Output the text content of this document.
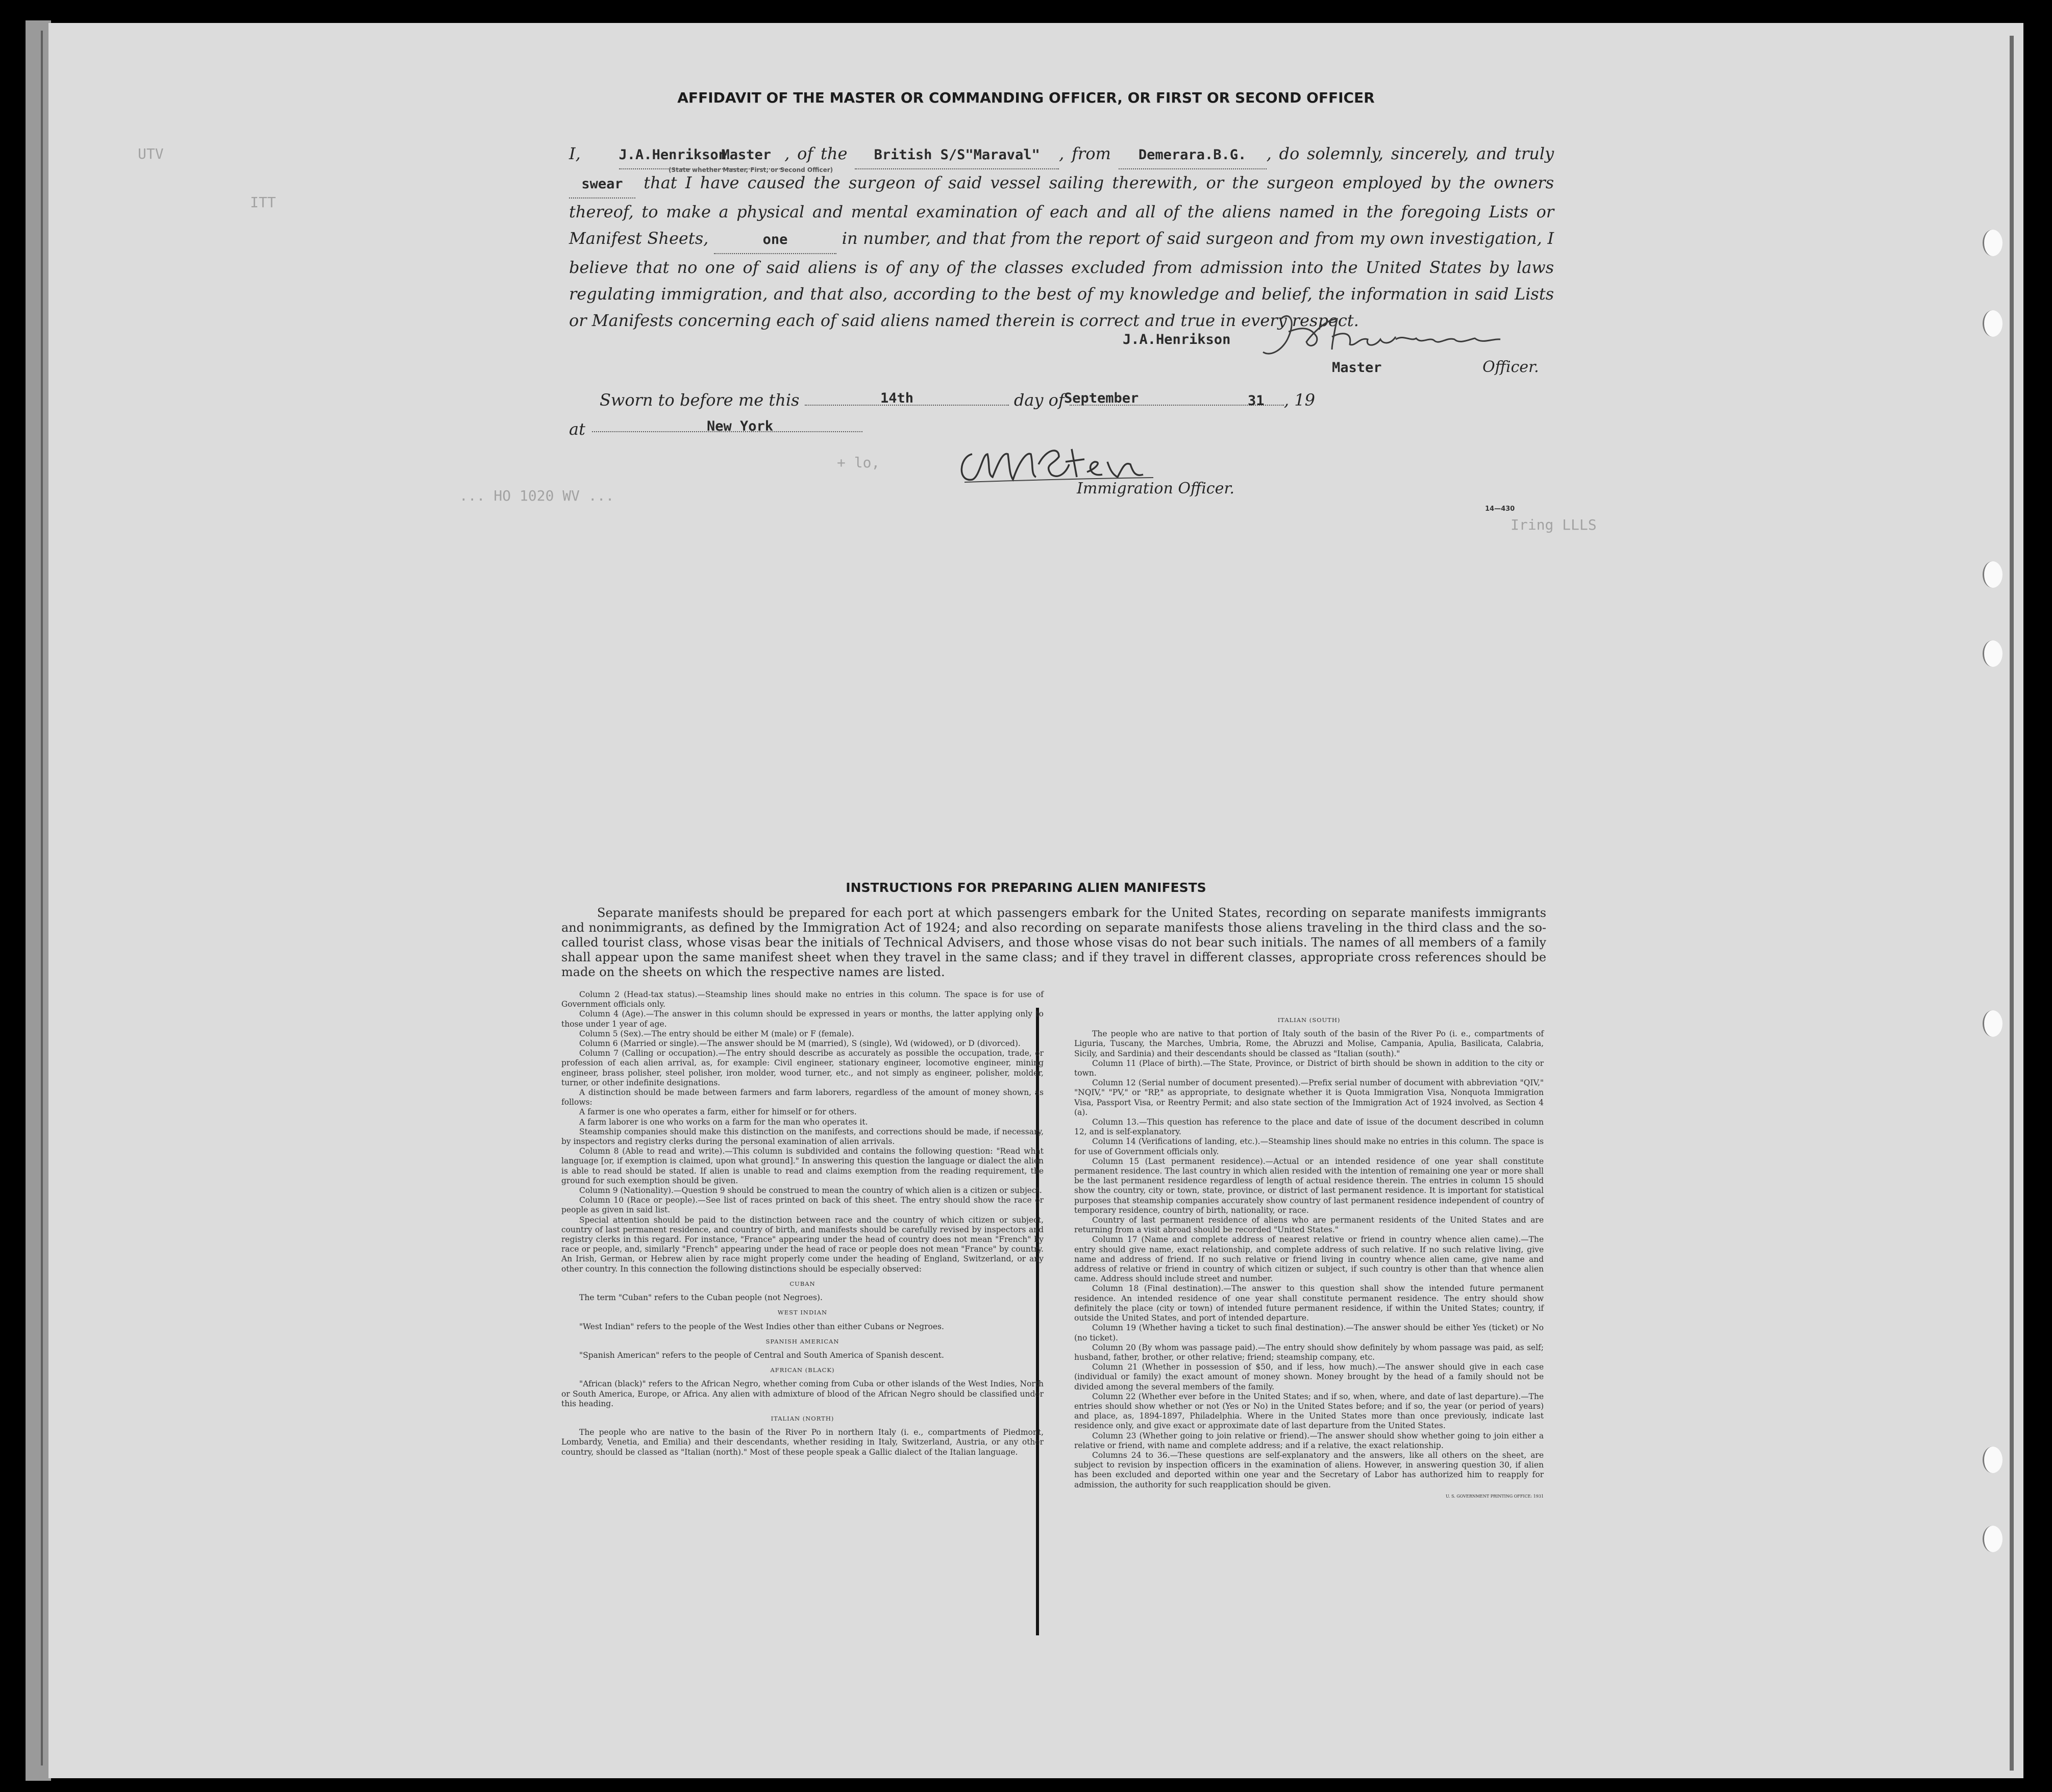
UTV
ITT
+ lo,
... HO 1020 WV ...
Iring LLLS
AFFIDAVIT OF THE MASTER OR COMMANDING OFFICER, OR FIRST OR SECOND OFFICER
I,	J.A.Henrikson Master , of the British S/S"Maraval" , from Demerara.B.G. , do solemnly, sincerely, and truly swear that I have caused the surgeon of said vessel sailing therewith, or the surgeon employed by the owners thereof, to make a physical and mental examination of each and all of the aliens named in the foregoing Lists or Manifest Sheets,	one	in number, and that from the report of said surgeon and from my own investigation, I believe that no one of said aliens is of any of the classes excluded from admission into the United States by laws regulating immigration, and that also, according to the best of my knowledge and belief, the information in said Lists or Manifests concerning each of said aliens named therein is correct and true in every respect.
(State whether Master, First, or Second Officer)
J.A.Henrikson
Master	Officer.
Sworn to before me this	day of	, 19
14th	September	31
at	New York
Immigration Officer.
14—430
INSTRUCTIONS FOR PREPARING ALIEN MANIFESTS
Separate manifests should be prepared for each port at which passengers embark for the United States, recording on separate manifests immigrants and nonimmigrants, as defined by the Immigration Act of 1924; and also recording on separate manifests those aliens traveling in the third class and the so-called tourist class, whose visas bear the initials of Technical Advisers, and those whose visas do not bear such initials. The names of all members of a family shall appear upon the same manifest sheet when they travel in the same class; and if they travel in different classes, appropriate cross references should be made on the sheets on which the respective names are listed.

Column 2 (Head-tax status).—Steamship lines should make no entries in this column. The space is for use of Government officials only.

Column 4 (Age).—The answer in this column should be expressed in years or months, the latter applying only to those under 1 year of age.

Column 5 (Sex).—The entry should be either M (male) or F (female).

Column 6 (Married or single).—The answer should be M (married), S (single), Wd (widowed), or D (divorced).

Column 7 (Calling or occupation).—The entry should describe as accurately as possible the occupation, trade, or profession of each alien arrival, as, for example: Civil engineer, stationary engineer, locomotive engineer, mining engineer, brass polisher, steel polisher, iron molder, wood turner, etc., and not simply as engineer, polisher, molder, turner, or other indefinite designations.

A distinction should be made between farmers and farm laborers, regardless of the amount of money shown, as follows:

A farmer is one who operates a farm, either for himself or for others.

A farm laborer is one who works on a farm for the man who operates it.

Steamship companies should make this distinction on the manifests, and corrections should be made, if necessary, by inspectors and registry clerks during the personal examination of alien arrivals.

Column 8 (Able to read and write).—This column is subdivided and contains the following question: "Read what language [or, if exemption is claimed, upon what ground]." In answering this question the language or dialect the alien is able to read should be stated. If alien is unable to read and claims exemption from the reading requirement, the ground for such exemption should be given.

Column 9 (Nationality).—Question 9 should be construed to mean the country of which alien is a citizen or subject.

Column 10 (Race or people).—See list of races printed on back of this sheet. The entry should show the race or people as given in said list.

Special attention should be paid to the distinction between race and the country of which citizen or subject, country of last permanent residence, and country of birth, and manifests should be carefully revised by inspectors and registry clerks in this regard. For instance, "France" appearing under the head of country does not mean "French" by race or people, and, similarly "French" appearing under the head of race or people does not mean "France" by country. An Irish, German, or Hebrew alien by race might properly come under the heading of England, Switzerland, or any other country. In this connection the following distinctions should be especially observed:

CUBAN

The term "Cuban" refers to the Cuban people (not Negroes).

WEST INDIAN

"West Indian" refers to the people of the West Indies other than either Cubans or Negroes.

SPANISH AMERICAN

"Spanish American" refers to the people of Central and South America of Spanish descent.

AFRICAN (BLACK)

"African (black)" refers to the African Negro, whether coming from Cuba or other islands of the West Indies, North or South America, Europe, or Africa. Any alien with admixture of blood of the African Negro should be classified under this heading.

ITALIAN (NORTH)

The people who are native to the basin of the River Po in northern Italy (i. e., compartments of Piedmont, Lombardy, Venetia, and Emilia) and their descendants, whether residing in Italy, Switzerland, Austria, or any other country, should be classed as "Italian (north)." Most of these people speak a Gallic dialect of the Italian language.

ITALIAN (SOUTH)

The people who are native to that portion of Italy south of the basin of the River Po (i. e., compartments of Liguria, Tuscany, the Marches, Umbria, Rome, the Abruzzi and Molise, Campania, Apulia, Basilicata, Calabria, Sicily, and Sardinia) and their descendants should be classed as "Italian (south)."

Column 11 (Place of birth).—The State, Province, or District of birth should be shown in addition to the city or town.

Column 12 (Serial number of document presented).—Prefix serial number of document with abbreviation "QIV," "NQIV," "PV," or "RP," as appropriate, to designate whether it is Quota Immigration Visa, Nonquota Immigration Visa, Passport Visa, or Reentry Permit; and also state section of the Immigration Act of 1924 involved, as Section 4 (a).

Column 13.—This question has reference to the place and date of issue of the document described in column 12, and is self-explanatory.

Column 14 (Verifications of landing, etc.).—Steamship lines should make no entries in this column. The space is for use of Government officials only.

Column 15 (Last permanent residence).—Actual or an intended residence of one year shall constitute permanent residence. The last country in which alien resided with the intention of remaining one year or more shall be the last permanent residence regardless of length of actual residence therein. The entries in column 15 should show the country, city or town, state, province, or district of last permanent residence. It is important for statistical purposes that steamship companies accurately show country of last permanent residence independent of country of temporary residence, country of birth, nationality, or race.

Country of last permanent residence of aliens who are permanent residents of the United States and are returning from a visit abroad should be recorded "United States."

Column 17 (Name and complete address of nearest relative or friend in country whence alien came).—The entry should give name, exact relationship, and complete address of such relative. If no such relative living, give name and address of friend. If no such relative or friend living in country whence alien came, give name and address of relative or friend in country of which citizen or subject, if such country is other than that whence alien came. Address should include street and number.

Column 18 (Final destination).—The answer to this question shall show the intended future permanent residence. An intended residence of one year shall constitute permanent residence. The entry should show definitely the place (city or town) of intended future permanent residence, if within the United States; country, if outside the United States, and port of intended departure.

Column 19 (Whether having a ticket to such final destination).—The answer should be either Yes (ticket) or No (no ticket).

Column 20 (By whom was passage paid).—The entry should show definitely by whom passage was paid, as self; husband, father, brother, or other relative; friend; steamship company, etc.

Column 21 (Whether in possession of $50, and if less, how much).—The answer should give in each case (individual or family) the exact amount of money shown. Money brought by the head of a family should not be divided among the several members of the family.

Column 22 (Whether ever before in the United States; and if so, when, where, and date of last departure).—The entries should show whether or not (Yes or No) in the United States before; and if so, the year (or period of years) and place, as, 1894-1897, Philadelphia. Where in the United States more than once previously, indicate last residence only, and give exact or approximate date of last departure from the United States.

Column 23 (Whether going to join relative or friend).—The answer should show whether going to join either a relative or friend, with name and complete address; and if a relative, the exact relationship.

Columns 24 to 36.—These questions are self-explanatory and the answers, like all others on the sheet, are subject to revision by inspection officers in the examination of aliens. However, in answering question 30, if alien has been excluded and deported within one year and the Secretary of Labor has authorized him to reapply for admission, the authority for such reapplication should be given.

U. S. GOVERNMENT PRINTING OFFICE: 1931
